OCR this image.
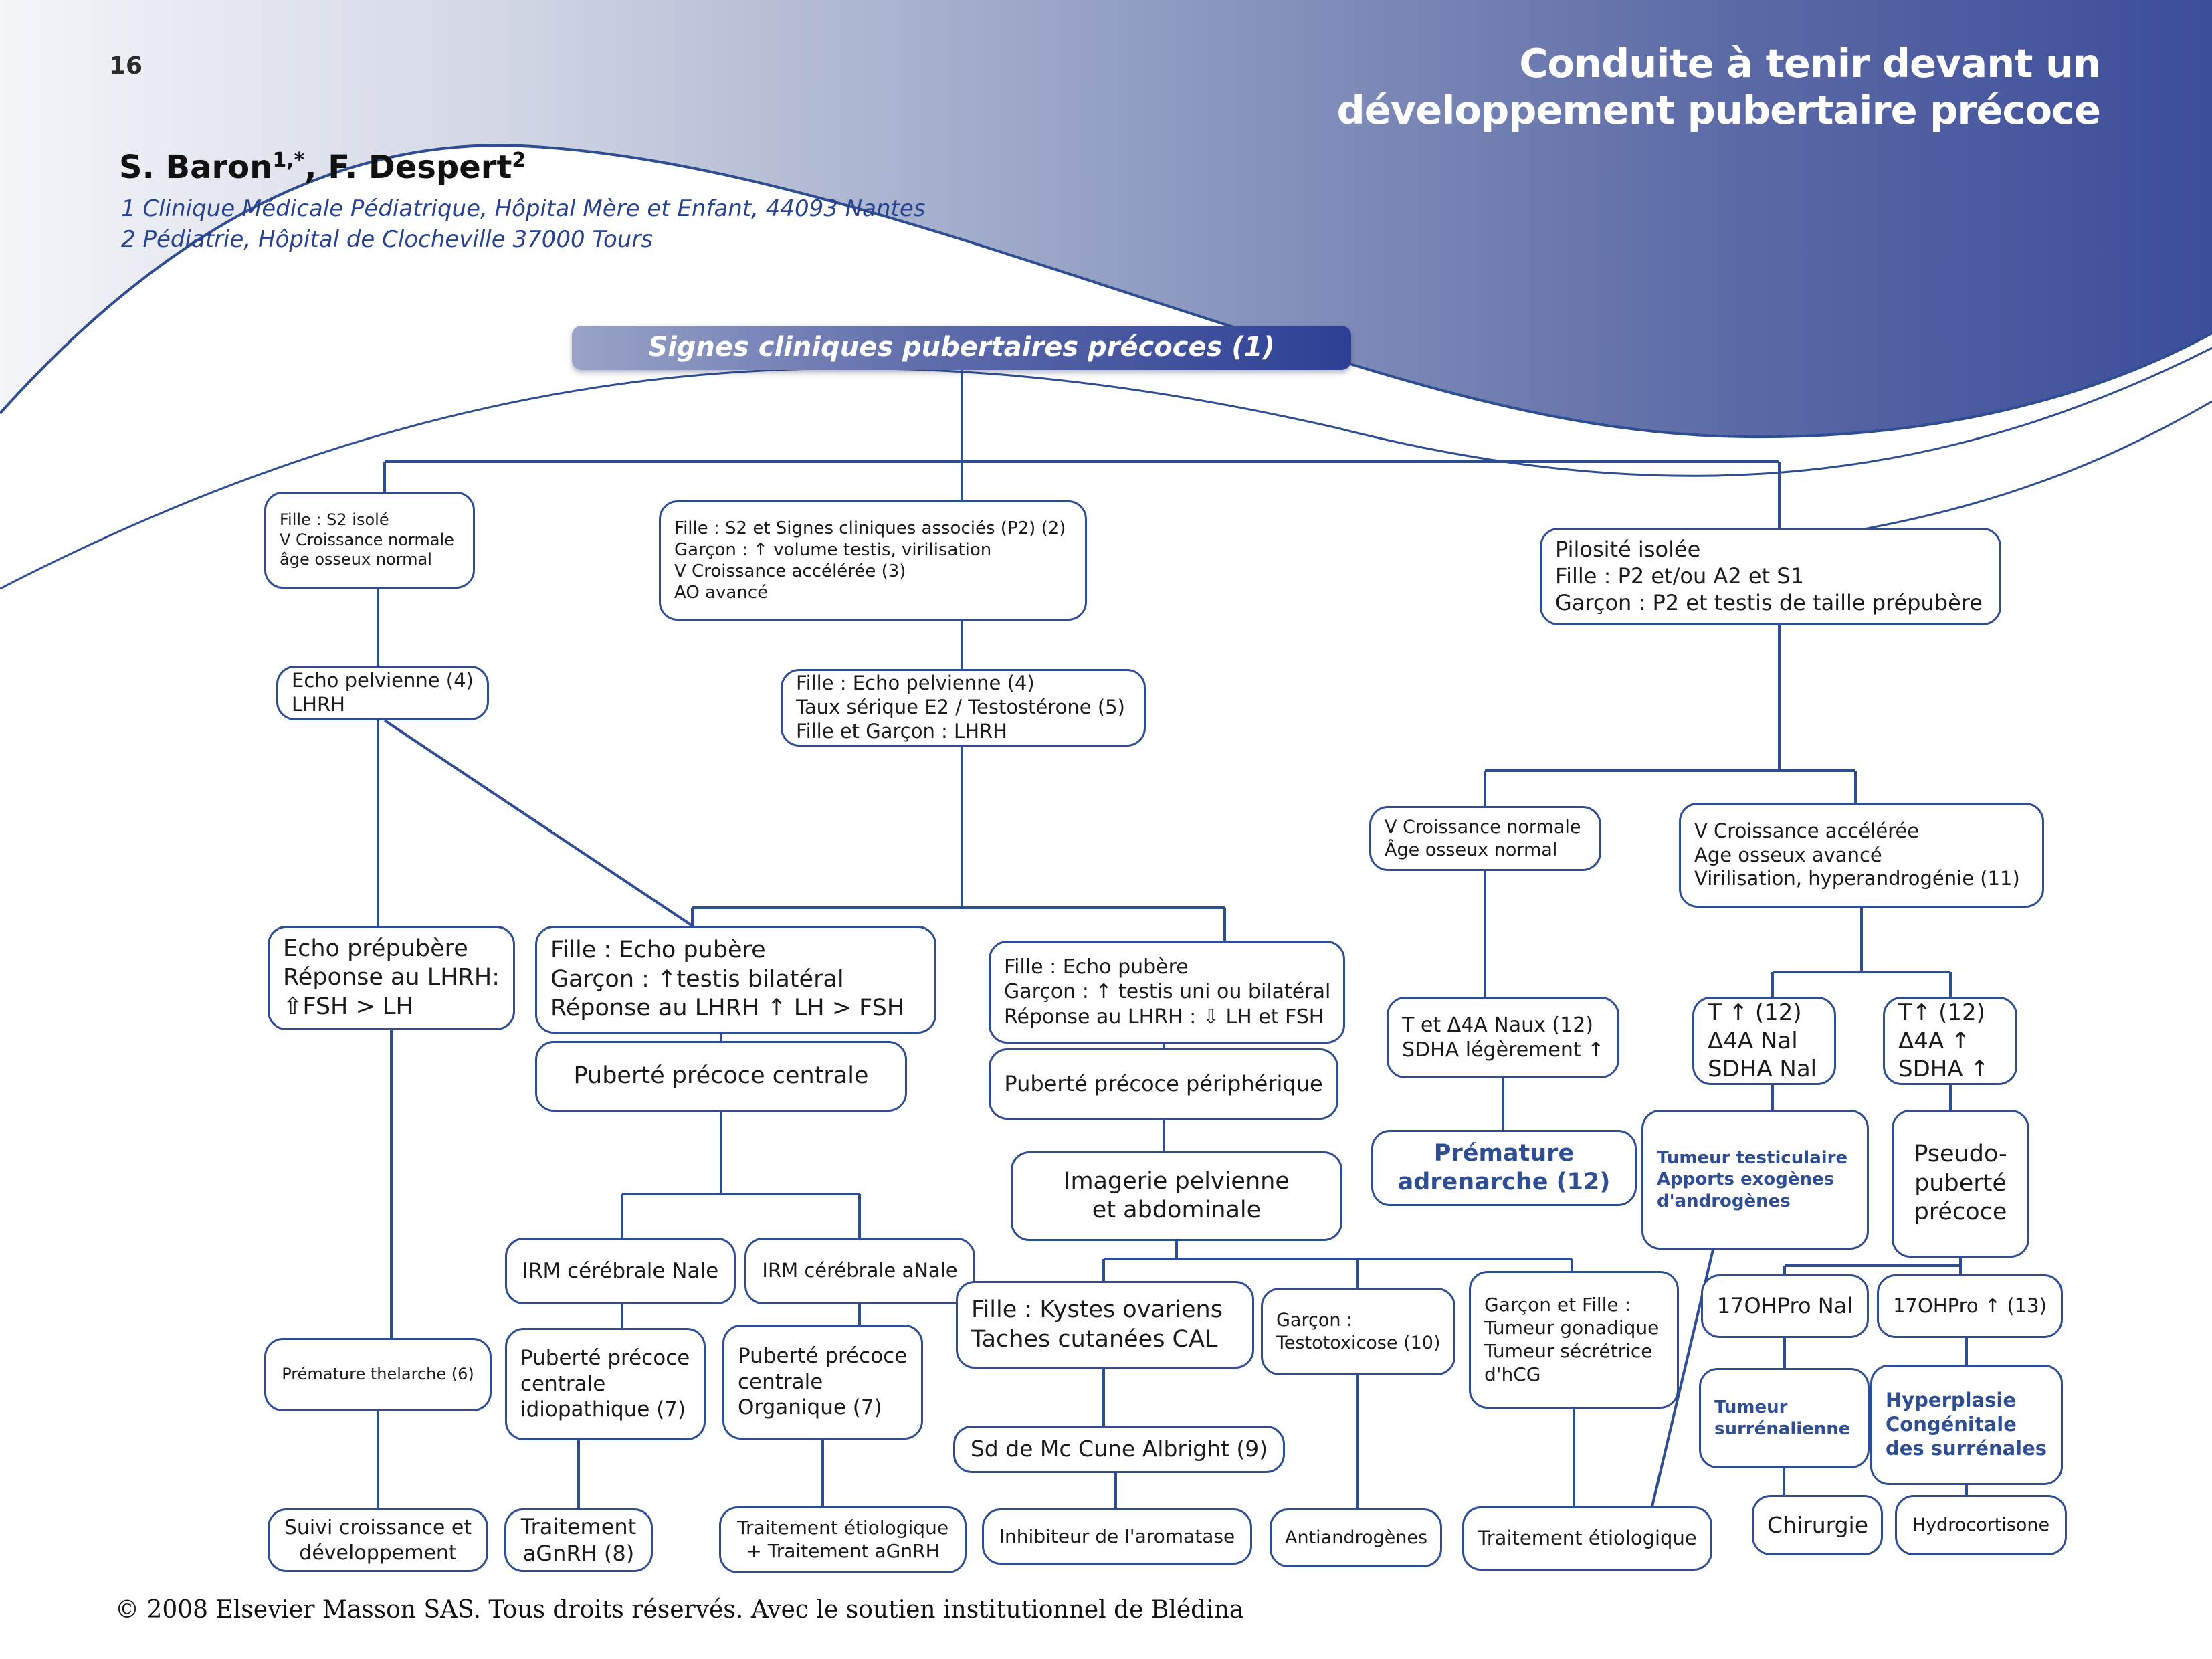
16	Conduite à tenir devant un
développement pubertaire précoce
S. Baron$^{1,*}$, F. Despert$^2$
1 Clinique Médicale Pédiatrique, Hôpital Mère et Enfant, 44093 Nantes
2 Pédiatrie, Hôpital de Clocheville 37000 Tours
Signes cliniques pubertaires précoces (1)
Fille : S2 isolé
V Croissance normale
âge osseux normal
Fille : S2 et Signes cliniques associés (P2) (2)
Garçon : ↑ volume testis, virilisation
V Croissance accélérée (3)
AO avancé
Pilosité isolée
Fille : P2 et/ou A2 et S1
Garçon : P2 et testis de taille prépubère
Echo pelvienne (4)
LHRH
Fille : Echo pelvienne (4)
Taux sérique E2 / Testostérone (5)
Fille et Garçon : LHRH
V Croissance normale
Âge osseux normal
V Croissance accélérée
Age osseux avancé
Virilisation, hyperandrogénie (11)
Echo prépubère
Réponse au LHRH:
⇧FSH > LH
Fille : Echo pubère
Garçon : ↑testis bilatéral
Réponse au LHRH ↑ LH > FSH
Puberté précoce centrale
Fille : Echo pubère
Garçon : ↑ testis uni ou bilatéral
Réponse au LHRH : ⇩ LH et FSH
Puberté précoce périphérique
T et Δ4A Naux (12)
SDHA légèrement ↑
T ↑ (12)
Δ4A Nal
SDHA Nal
T↑ (12)
Δ4A ↑
SDHA ↑
Prémature
adrenarche (12)
Tumeur testiculaire
Apports exogènes
d'androgènes
Pseudo-
puberté
précoce
IRM cérébrale Nale IRM cérébrale aNale
Imagerie pelvienne
et abdominale
Fille : Kystes ovariens
Taches cutanées CAL
Garçon :
Testotoxicose (10)
Garçon et Fille :
Tumeur gonadique
Tumeur sécrétrice
d'hCG
Sd de Mc Cune Albright (9)
17OHPro Nal 17OHPro ↑ (13)
Tumeur
surrénalienne
Hyperplasie
Congénitale
des surrénales
Prémature thelarche (6)
Puberté précoce
centrale
idiopathique (7)
Puberté précoce
centrale
Organique (7)
Suivi croissance et
développement
Traitement
aGnRH (8)
Traitement étiologique
+ Traitement aGnRH
Inhibiteur de l'aromatase	Antiandrogènes	Traitement étiologique
Chirurgie Hydrocortisone
© 2008 Elsevier Masson SAS. Tous droits réservés. Avec le soutien institutionnel de Blédina
